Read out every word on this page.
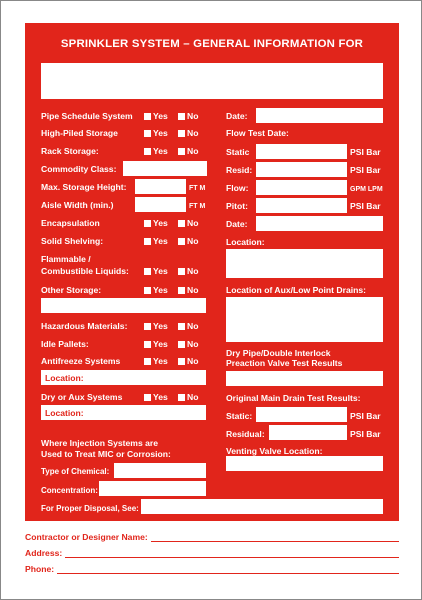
SPRINKLER SYSTEM – GENERAL INFORMATION FOR
Pipe Schedule System Yes No
High-Piled Storage	Yes No
Rack Storage:	Yes No
Commodity Class:
Max. Storage Height:	FT M
Aisle Width (min.)	FT M
Encapsulation	Yes No
Solid Shelving:	Yes No
Flammable /
Combustible Liquids:	Yes No
Other Storage:	Yes No
Hazardous Materials:	Yes No
Idle Pallets:	Yes No
Antifreeze Systems	Yes No
Location:
Dry or Aux Systems	Yes No
Location:
Where Injection Systems are
Used to Treat MIC or Corrosion:
Type of Chemical:
Concentration:
For Proper Disposal, See:
Date:
Flow Test Date:
Static	PSI Bar
Resid:	PSI Bar
Flow:	GPM LPM
Pitot:	PSI Bar
Date:
Location:
Location of Aux/Low Point Drains:
Dry Pipe/Double Interlock
Preaction Valve Test Results
Original Main Drain Test Results:
Static:	PSI Bar
Residual:	PSI Bar
Venting Valve Location:
Contractor or Designer Name:
Address:
Phone:
